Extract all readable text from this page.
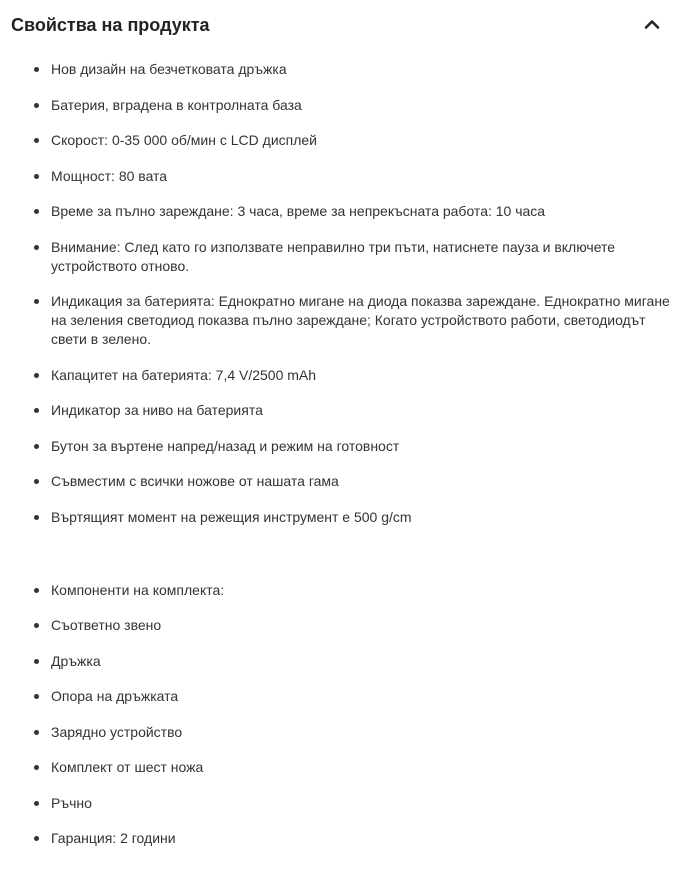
Свойства на продукта
Нов дизайн на безчетковата дръжка
Батерия, вградена в контролната база
Скорост: 0-35 000 об/мин с LCD дисплей
Мощност: 80 вата
Време за пълно зареждане: 3 часа, време за непрекъсната работа: 10 часа
Внимание: След като го използвате неправилно три пъти, натиснете пауза и включете устройството отново.
Индикация за батерията: Еднократно мигане на диода показва зареждане. Еднократно мигане на зеления светодиод показва пълно зареждане; Когато устройството работи, светодиодът свети в зелено.
Капацитет на батерията: 7,4 V/2500 mAh
Индикатор за ниво на батерията
Бутон за въртене напред/назад и режим на готовност
Съвместим с всички ножове от нашата гама
Въртящият момент на режещия инструмент е 500 g/cm
Компоненти на комплекта:
Съответно звено
Дръжка
Опора на дръжката
Зарядно устройство
Комплект от шест ножа
Ръчно
Гаранция: 2 години
